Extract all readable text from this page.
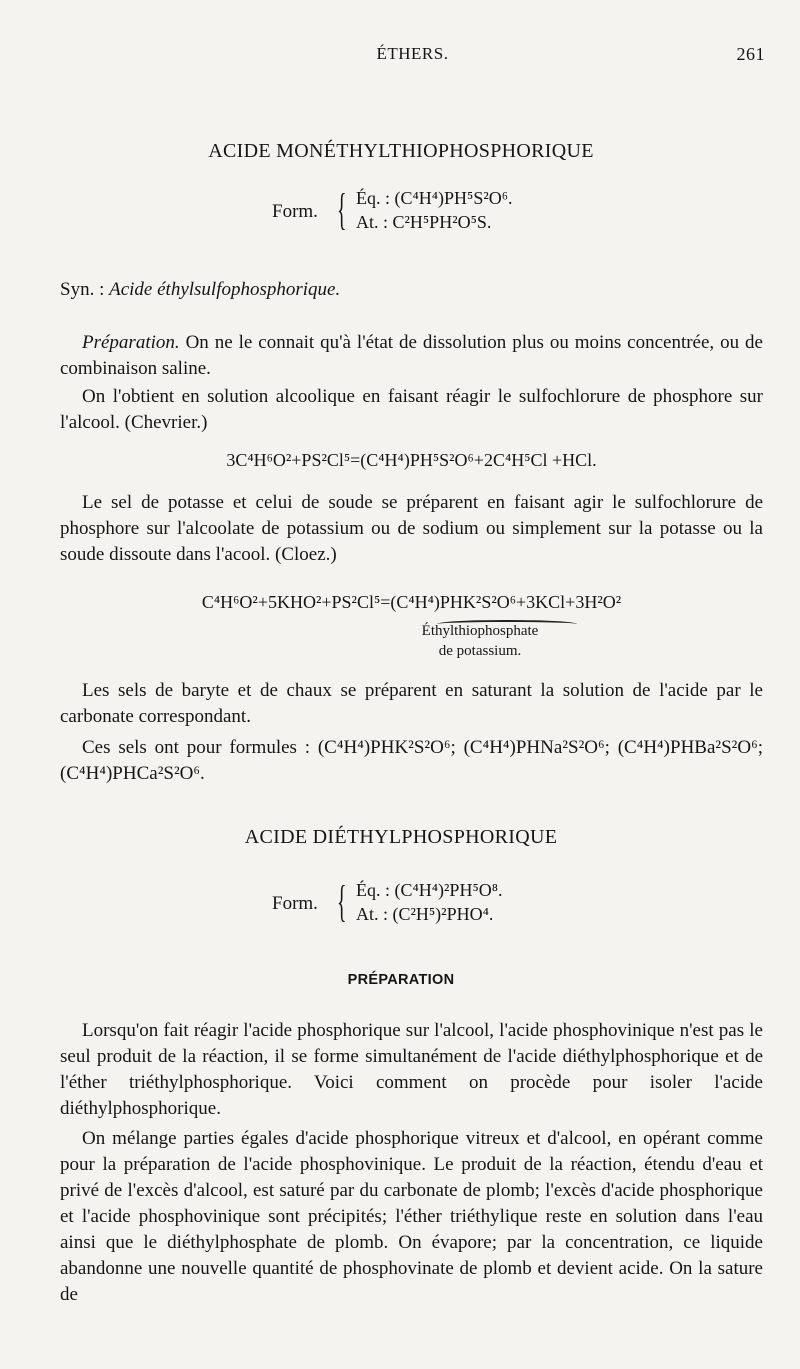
ÉTHERS.	261
ACIDE MONÉTHYLTHIOPHOSPHORIQUE
Form. { Éq. : (C⁴H⁴)PH⁵S²O⁶.
At. : C²H⁵PH²O⁵S.

Syn. : Acide éthylsulfophosphorique.

Préparation. On ne le connait qu'à l'état de dissolution plus ou moins concentrée, ou de combinaison saline.

On l'obtient en solution alcoolique en faisant réagir le sulfochlorure de phosphore sur l'alcool. (Chevrier.)

3C⁴H⁶O²+PS²Cl⁵=(C⁴H⁴)PH⁵S²O⁶+2C⁴H⁵Cl +HCl.

Le sel de potasse et celui de soude se préparent en faisant agir le sulfochlorure de phosphore sur l'alcoolate de potassium ou de sodium ou simplement sur la potasse ou la soude dissoute dans l'acool. (Cloez.)

C⁴H⁶O²+5KHO²+PS²Cl⁵=(C⁴H⁴)PHK²S²O⁶+3KCl+3H²O²
Éthylthiophosphate
de potassium.

Les sels de baryte et de chaux se préparent en saturant la solution de l'acide par le carbonate correspondant.

Ces sels ont pour formules : (C⁴H⁴)PHK²S²O⁶; (C⁴H⁴)PHNa²S²O⁶; (C⁴H⁴)PHBa²S²O⁶; (C⁴H⁴)PHCa²S²O⁶.

ACIDE DIÉTHYLPHOSPHORIQUE
Form. { Éq. : (C⁴H⁴)²PH⁵O⁸.
At. : (C²H⁵)²PHO⁴.
PRÉPARATION

Lorsqu'on fait réagir l'acide phosphorique sur l'alcool, l'acide phosphovinique n'est pas le seul produit de la réaction, il se forme simultanément de l'acide diéthylphosphorique et de l'éther triéthylphosphorique. Voici comment on procède pour isoler l'acide diéthylphosphorique.

On mélange parties égales d'acide phosphorique vitreux et d'alcool, en opérant comme pour la préparation de l'acide phosphovinique. Le produit de la réaction, étendu d'eau et privé de l'excès d'alcool, est saturé par du carbonate de plomb; l'excès d'acide phosphorique et l'acide phosphovinique sont précipités; l'éther triéthylique reste en solution dans l'eau ainsi que le diéthylphosphate de plomb. On évapore; par la concentration, ce liquide abandonne une nouvelle quantité de phosphovinate de plomb et devient acide. On la sature de
